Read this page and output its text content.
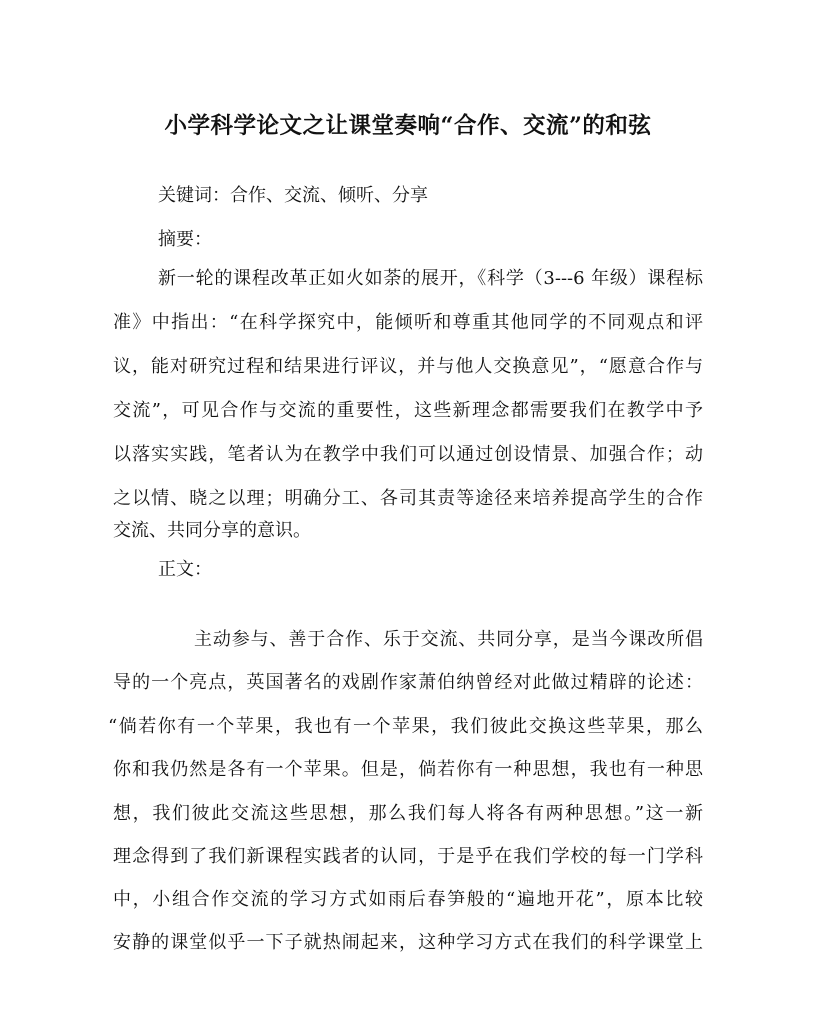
小学科学论文之让课堂奏响“合作、交流”的和弦
关键词：合作、交流、倾听、分享
摘要：
新一轮的课程改革正如火如荼的展开，《科学（3---6 年级）课程标
准》中指出：“在科学探究中，能倾听和尊重其他同学的不同观点和评
议，能对研究过程和结果进行评议，并与他人交换意见”，“愿意合作与
交流”，可见合作与交流的重要性，这些新理念都需要我们在教学中予
以落实实践，笔者认为在教学中我们可以通过创设情景、加强合作；动
之以情、晓之以理；明确分工、各司其责等途径来培养提高学生的合作
交流、共同分享的意识。
正文：
主动参与、善于合作、乐于交流、共同分享，是当今课改所倡
导的一个亮点，英国著名的戏剧作家萧伯纳曾经对此做过精辟的论述：
“倘若你有一个苹果，我也有一个苹果，我们彼此交换这些苹果，那么
你和我仍然是各有一个苹果。但是，倘若你有一种思想，我也有一种思
想，我们彼此交流这些思想，那么我们每人将各有两种思想。”这一新
理念得到了我们新课程实践者的认同，于是乎在我们学校的每一门学科
中，小组合作交流的学习方式如雨后春笋般的“遍地开花”，原本比较
安静的课堂似乎一下子就热闹起来，这种学习方式在我们的科学课堂上
